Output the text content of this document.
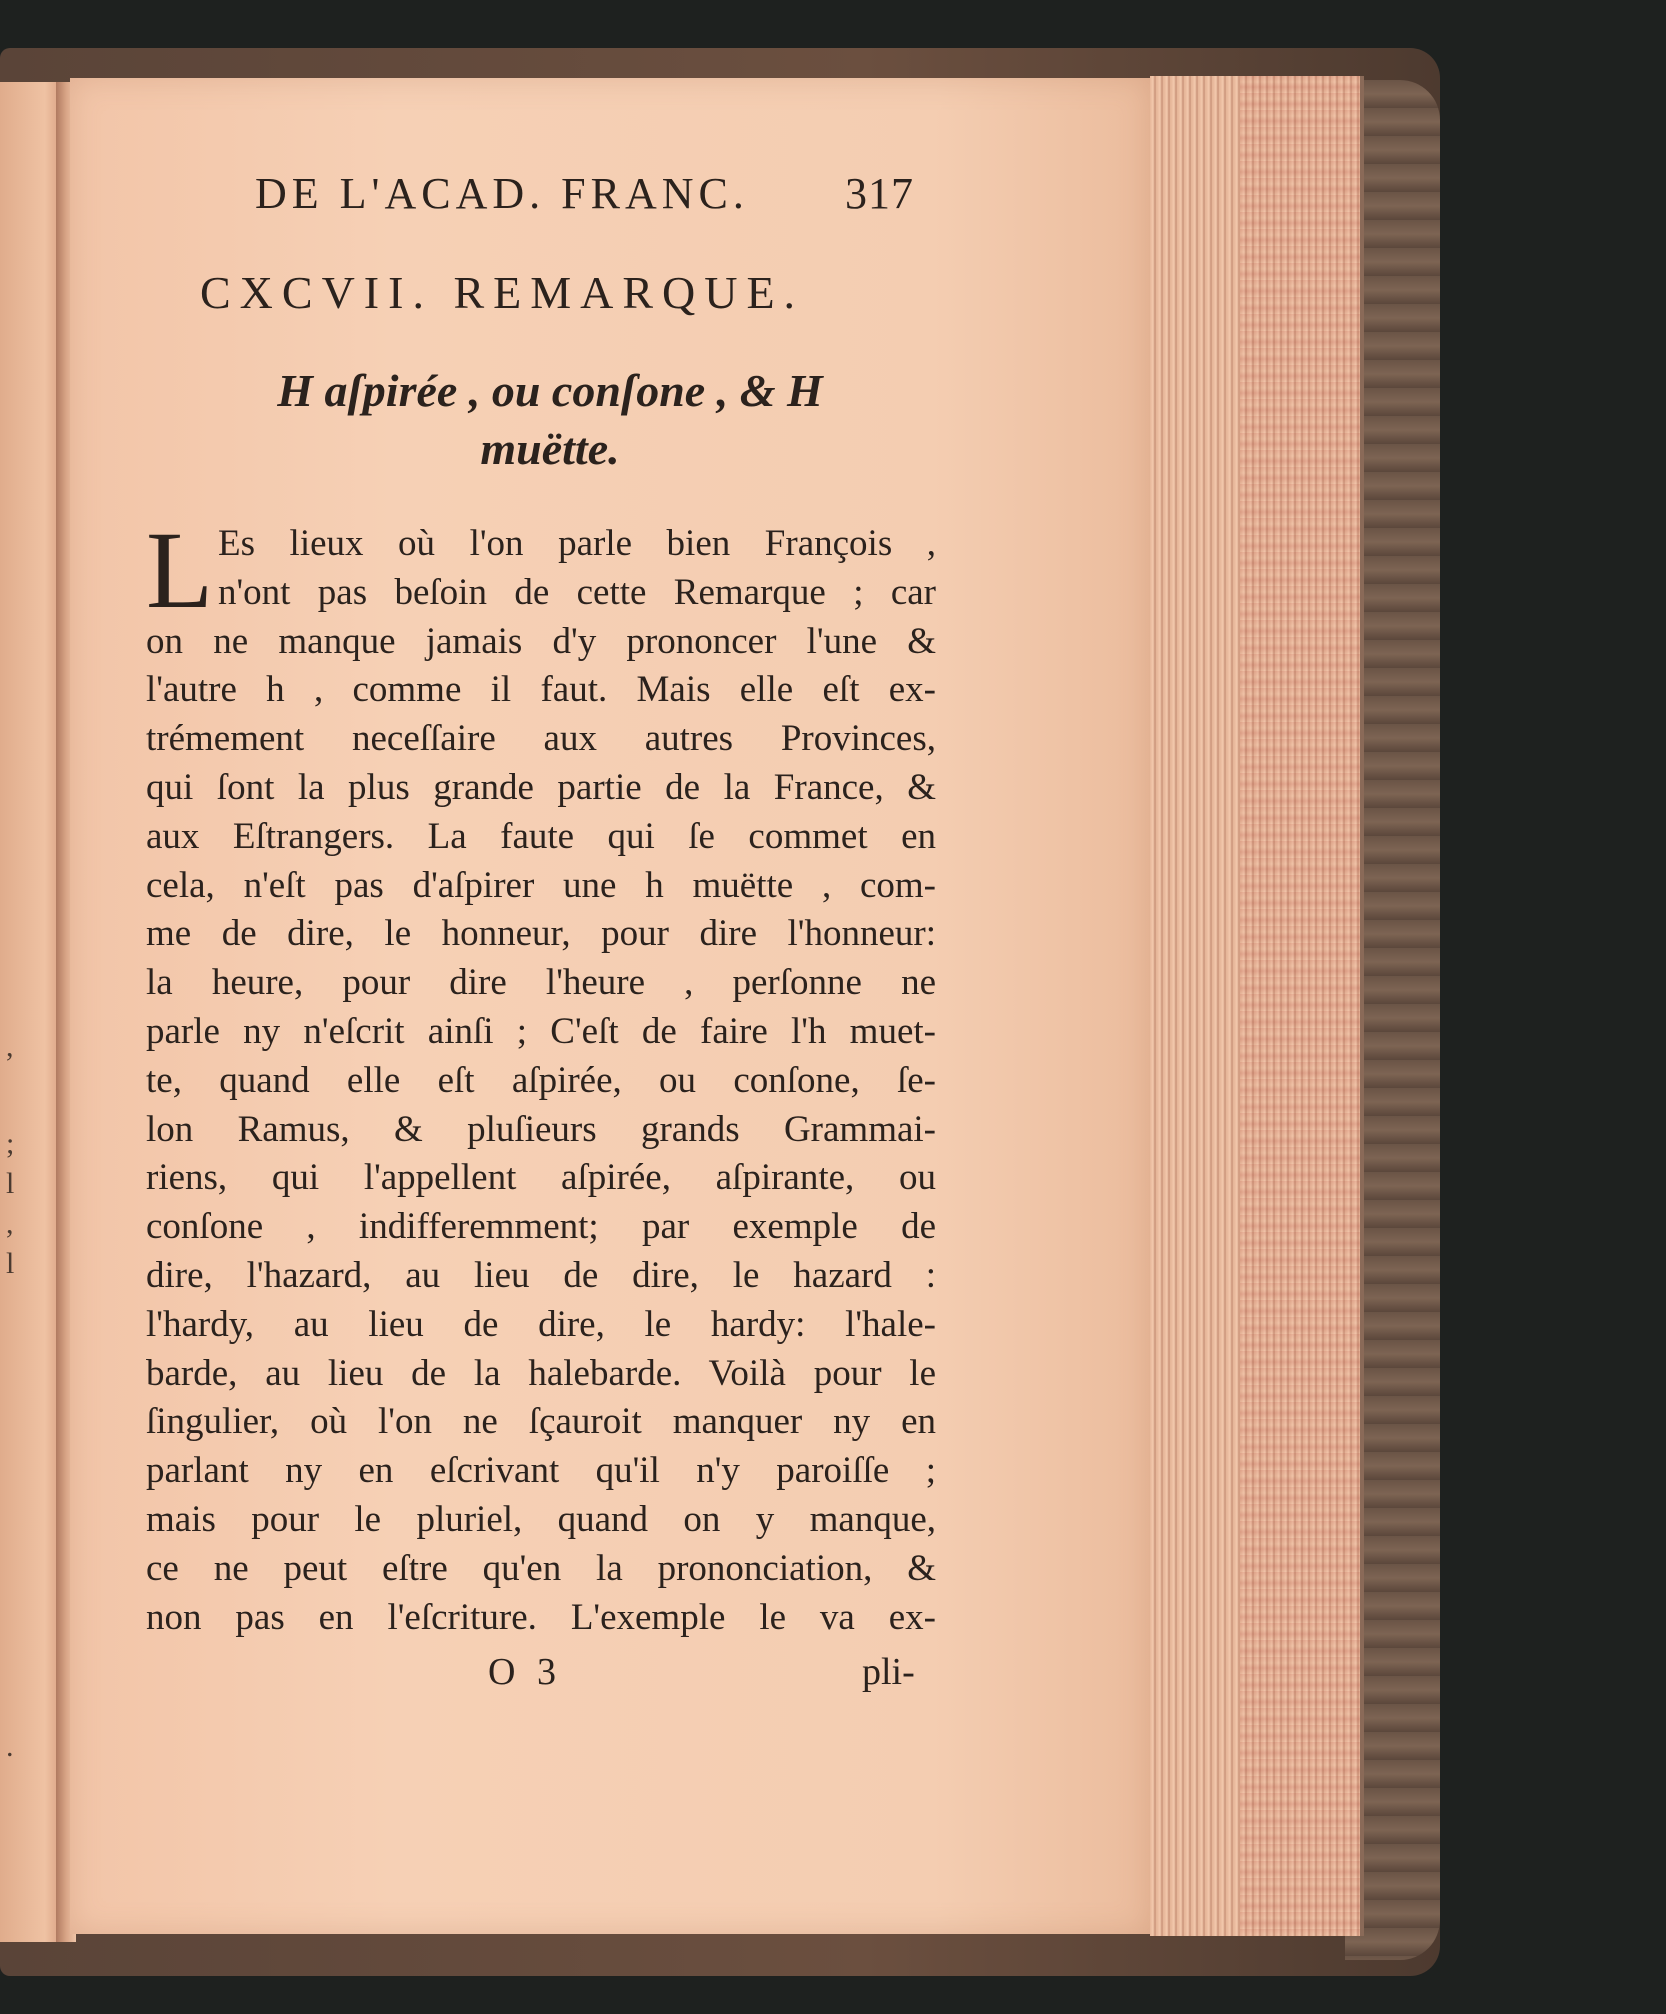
,
;
l
,
l
.
DE L'ACAD. FRANC. 317
CXCVII. REMARQUE.
H aſpirée , ou conſone , & H
muëtte.
L Es lieux où l'on parle bien François ,
n'ont pas beſoin de cette Remarque ; car
on ne manque jamais d'y prononcer l'une &
l'autre h , comme il faut. Mais elle eſt ex-
trémement neceſſaire aux autres Provinces,
qui ſont la plus grande partie de la France, &
aux Eſtrangers. La faute qui ſe commet en
cela, n'eſt pas d'aſpirer une h muëtte , com-
me de dire, le honneur, pour dire l'honneur:
la heure, pour dire l'heure , perſonne ne
parle ny n'eſcrit ainſi ; C'eſt de faire l'h muet-
te, quand elle eſt aſpirée, ou conſone, ſe-
lon Ramus, & pluſieurs grands Grammai-
riens, qui l'appellent aſpirée, aſpirante, ou
conſone , indifferemment; par exemple de
dire, l'hazard, au lieu de dire, le hazard :
l'hardy, au lieu de dire, le hardy: l'hale-
barde, au lieu de la halebarde. Voilà pour le
ſingulier, où l'on ne ſçauroit manquer ny en
parlant ny en eſcrivant qu'il n'y paroiſſe ;
mais pour le pluriel, quand on y manque,
ce ne peut eſtre qu'en la prononciation, &
non pas en l'eſcriture. L'exemple le va ex-
O 3	pli-
